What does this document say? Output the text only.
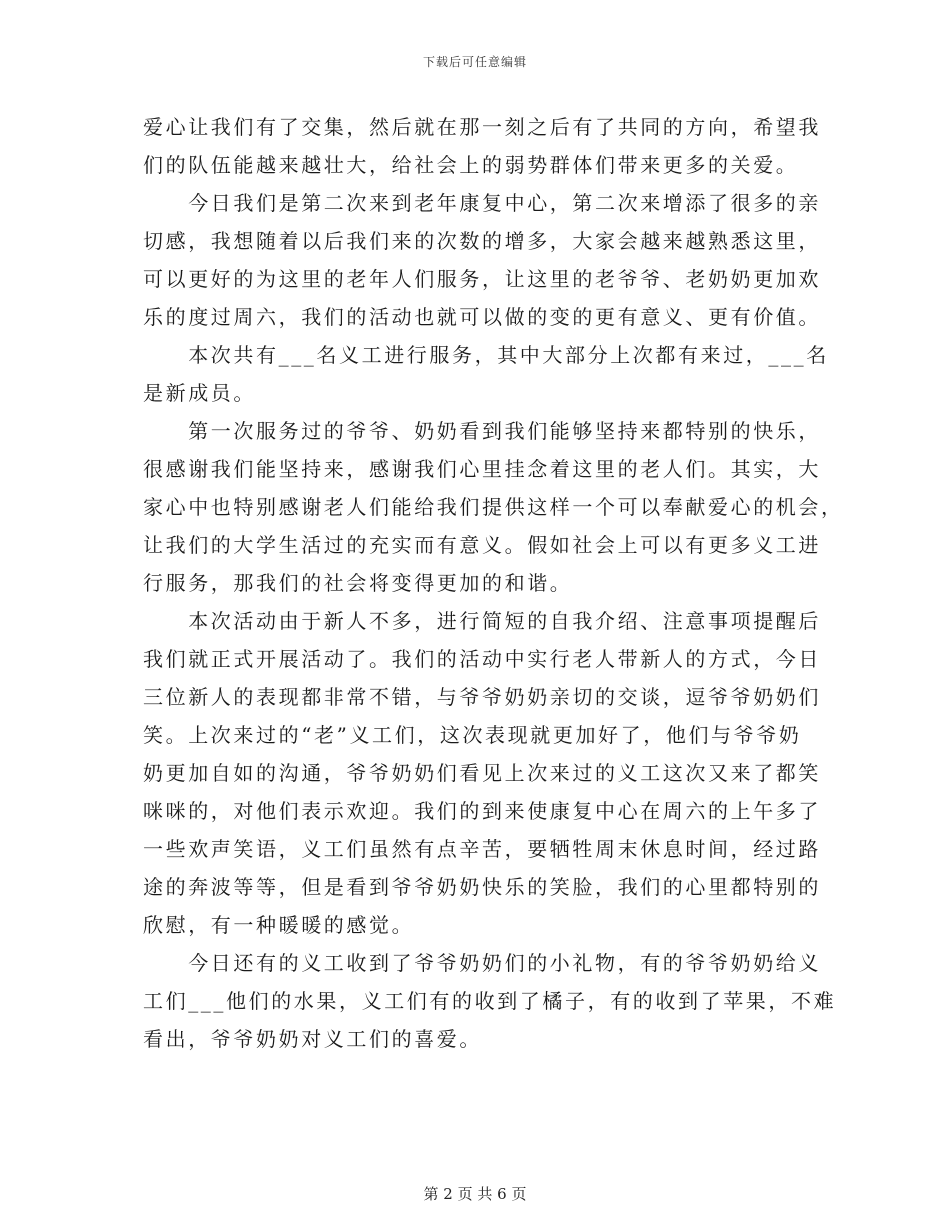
下载后可任意编辑

爱心让我们有了交集，然后就在那一刻之后有了共同的方向，希望我
们的队伍能越来越壮大，给社会上的弱势群体们带来更多的关爱。

　　今日我们是第二次来到老年康复中心，第二次来增添了很多的亲
切感，我想随着以后我们来的次数的增多，大家会越来越熟悉这里，
可以更好的为这里的老年人们服务，让这里的老爷爷、老奶奶更加欢
乐的度过周六，我们的活动也就可以做的变的更有意义、更有价值。

　　本次共有___名义工进行服务，其中大部分上次都有来过，___名
是新成员。

　　第一次服务过的爷爷、奶奶看到我们能够坚持来都特别的快乐，
很感谢我们能坚持来，感谢我们心里挂念着这里的老人们。其实，大
家心中也特别感谢老人们能给我们提供这样一个可以奉献爱心的机会，
让我们的大学生活过的充实而有意义。假如社会上可以有更多义工进
行服务，那我们的社会将变得更加的和谐。

　　本次活动由于新人不多，进行简短的自我介绍、注意事项提醒后
我们就正式开展活动了。我们的活动中实行老人带新人的方式，今日
三位新人的表现都非常不错，与爷爷奶奶亲切的交谈，逗爷爷奶奶们
笑。上次来过的“老”义工们，这次表现就更加好了，他们与爷爷奶
奶更加自如的沟通，爷爷奶奶们看见上次来过的义工这次又来了都笑
咪咪的，对他们表示欢迎。我们的到来使康复中心在周六的上午多了
一些欢声笑语，义工们虽然有点辛苦，要牺牲周末休息时间，经过路
途的奔波等等，但是看到爷爷奶奶快乐的笑脸，我们的心里都特别的
欣慰，有一种暖暖的感觉。

　　今日还有的义工收到了爷爷奶奶们的小礼物，有的爷爷奶奶给义
工们___他们的水果，义工们有的收到了橘子，有的收到了苹果，不难
看出，爷爷奶奶对义工们的喜爱。

第 2 页 共 6 页
